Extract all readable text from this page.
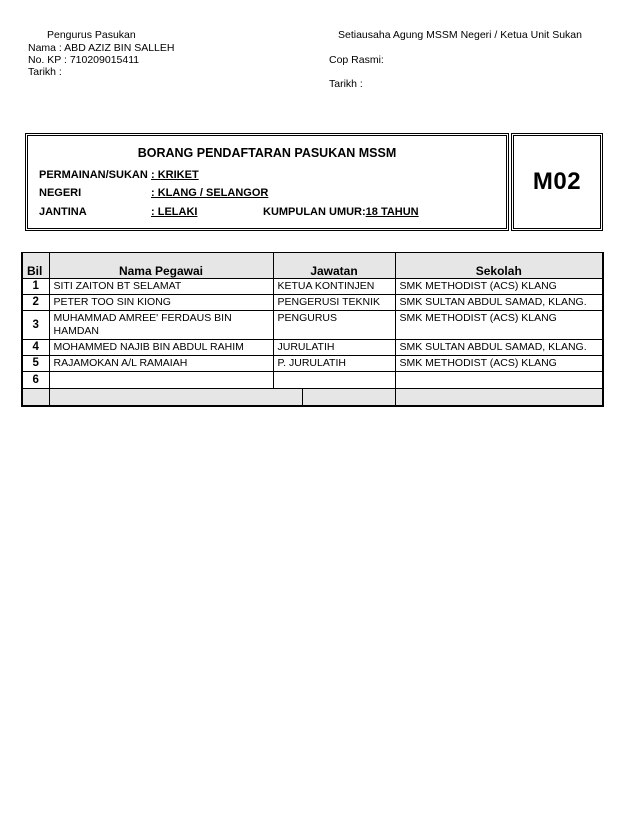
Pengurus Pasukan
Nama : ABD AZIZ BIN SALLEH
No. KP : 710209015411
Tarikh :
Setiausaha Agung MSSM Negeri / Ketua Unit Sukan
Cop Rasmi:
Tarikh :
BORANG PENDAFTARAN PASUKAN MSSM
PERMAINAN/SUKAN : KRIKET
NEGERI	: KLANG / SELANGOR
JANTINA	: LELAKI	KUMPULAN UMUR:18 TAHUN
M02
Bil	Nama Pegawai	Jawatan		Sekolah
1	SITI ZAITON BT SELAMAT	KETUA KONTINJEN		SMK METHODIST (ACS) KLANG
2	PETER TOO SIN KIONG	PENGERUSI TEKNIK		SMK SULTAN ABDUL SAMAD, KLANG.
3	MUHAMMAD AMREE' FERDAUS BIN HAMDAN	PENGURUS		SMK METHODIST (ACS) KLANG
4	MOHAMMED NAJIB BIN ABDUL RAHIM	JURULATIH		SMK SULTAN ABDUL SAMAD, KLANG.
5	RAJAMOKAN A/L RAMAIAH	P. JURULATIH		SMK METHODIST (ACS) KLANG
6				
